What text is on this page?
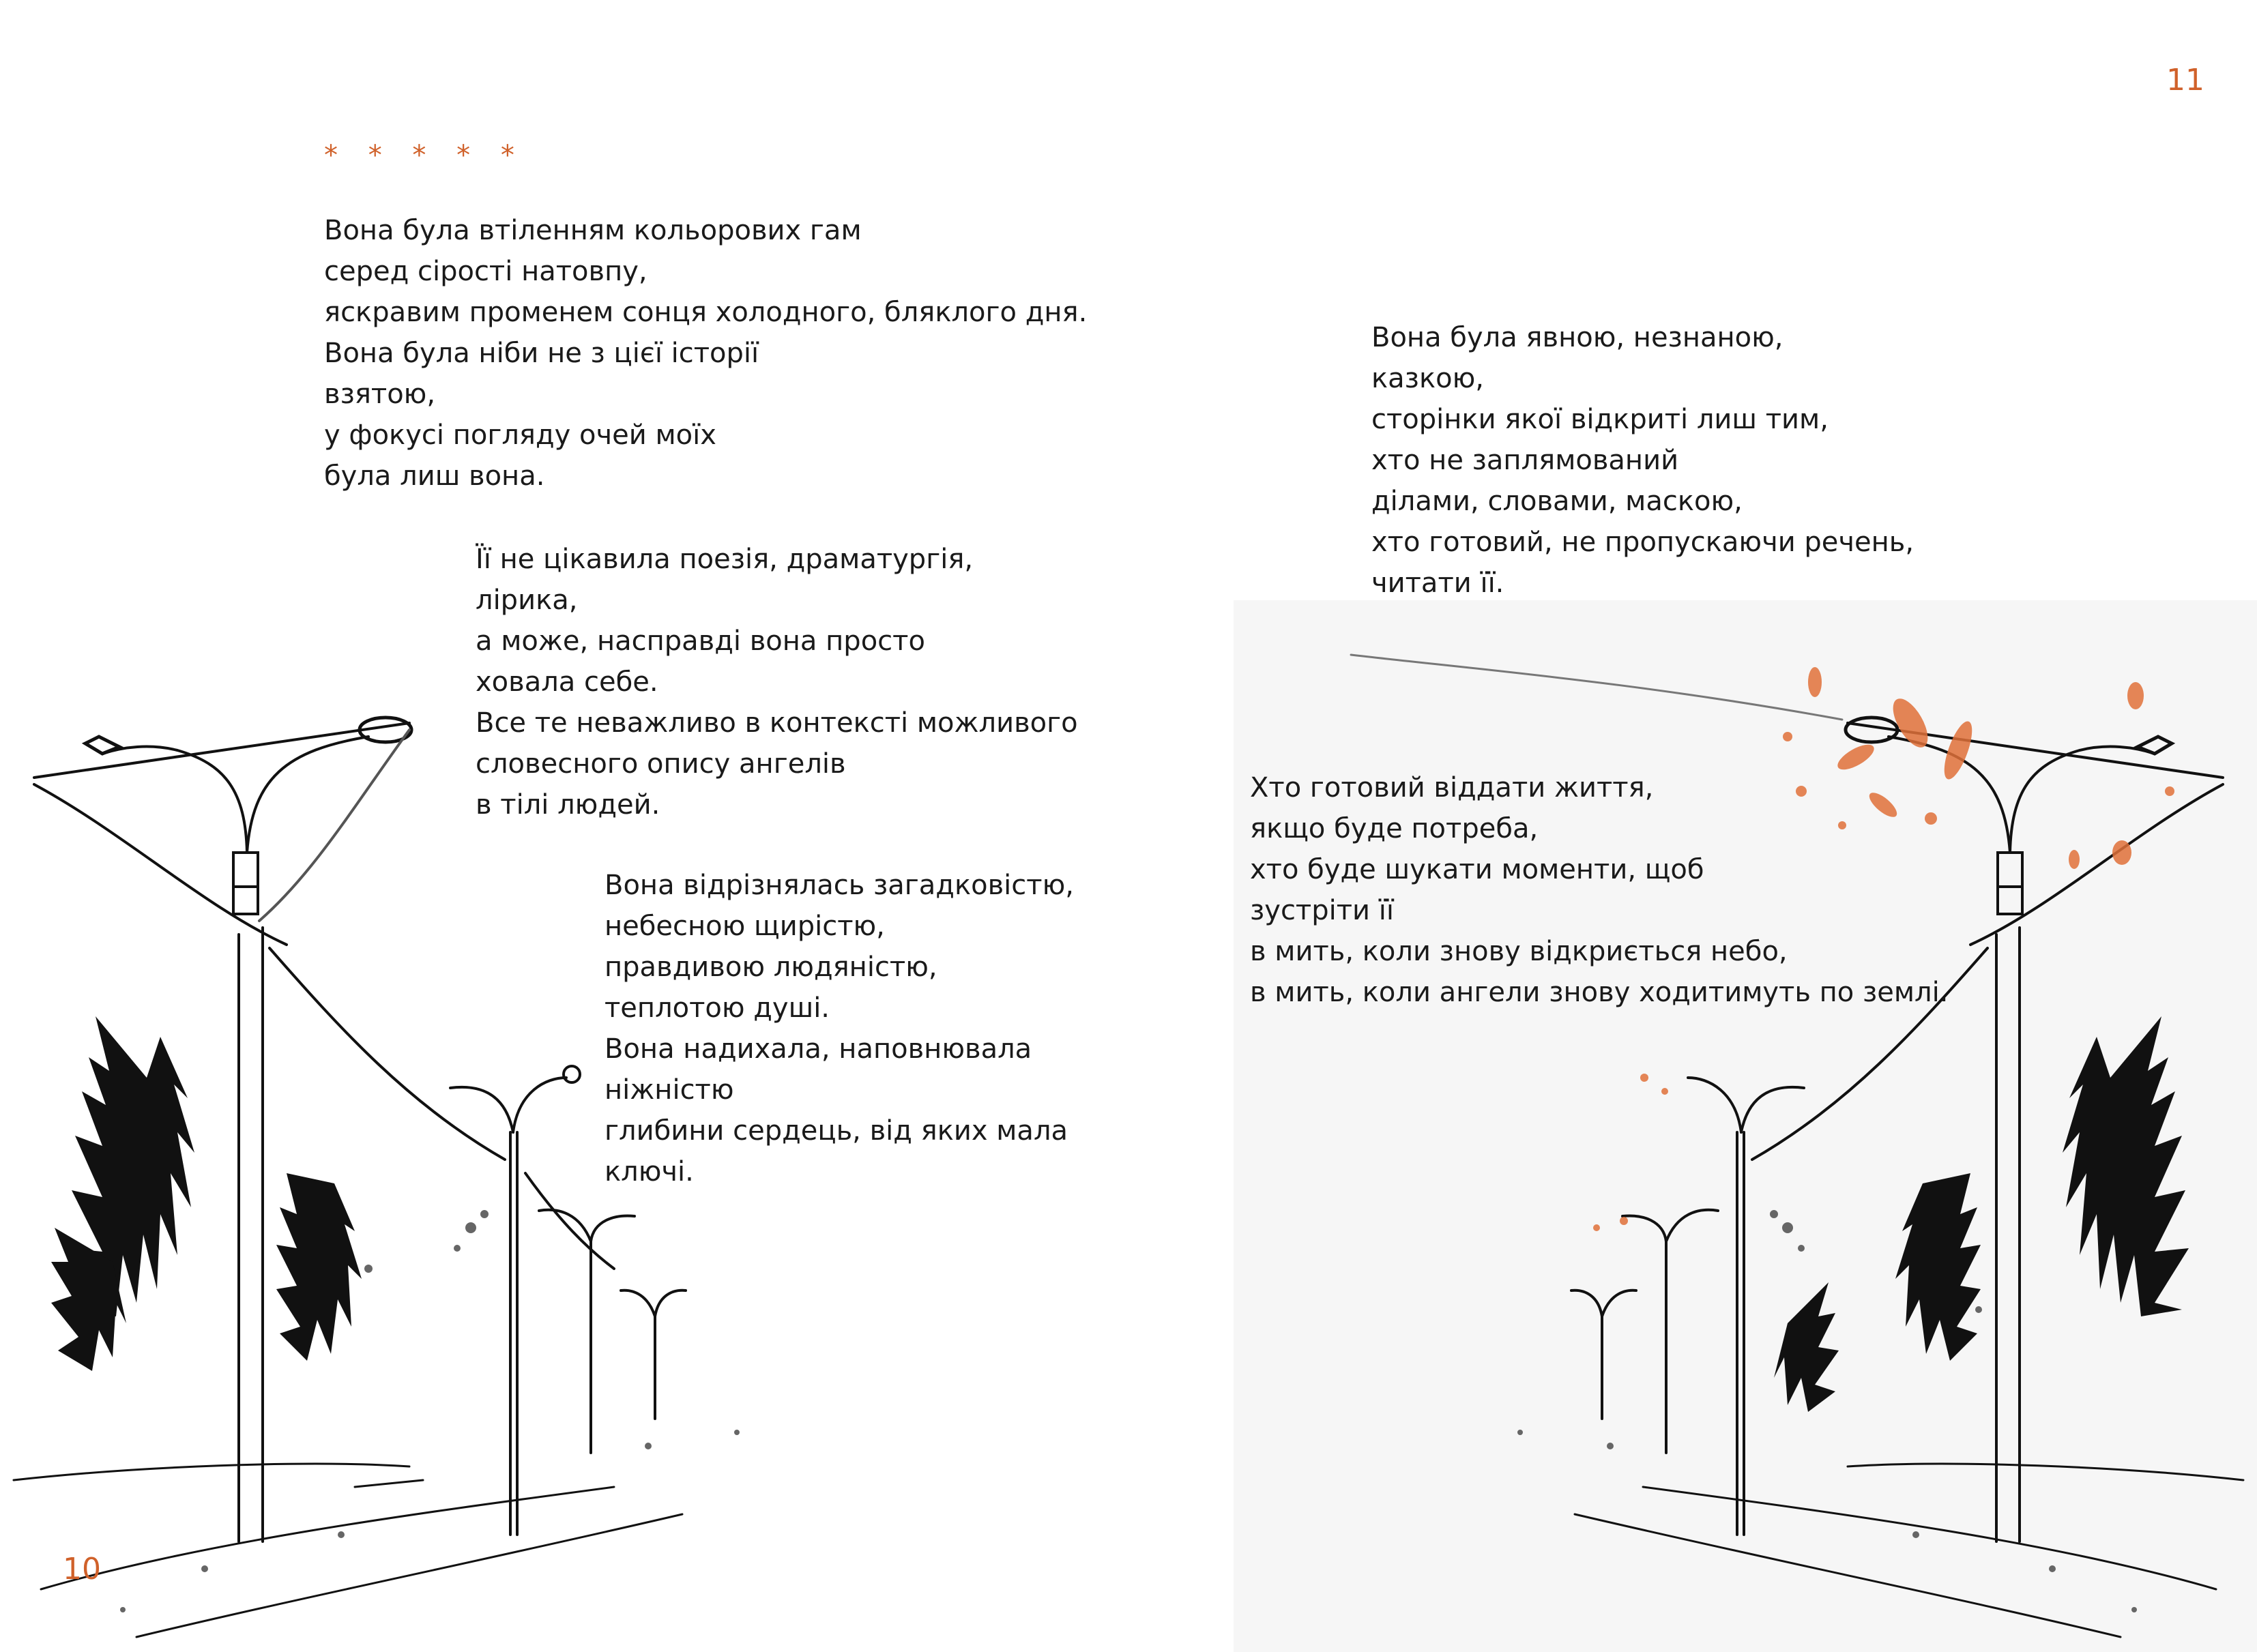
* * * * *
Вона була втіленням кольорових гам
серед сірості натовпу,
яскравим променем сонця холодного, бляклого дня.
Вона була ніби не з цієї історії
взятою,
у фокусі погляду очей моїх
була лиш вона.
Її не цікавила поезія, драматургія,
лірика,
а може, насправді вона просто
ховала себе.
Все те неважливо в контексті можливого
словесного опису ангелів
в тілі людей.
Вона відрізнялась загадковістю,
небесною щирістю,
правдивою людяністю,
теплотою душі.
Вона надихала, наповнювала
ніжністю
глибини сердець, від яких мала
ключі.
10
11
Вона була явною, незнаною,
казкою,
сторінки якої відкриті лиш тим,
хто не заплямований
ділами, словами, маскою,
хто готовий, не пропускаючи речень,
читати її.
Хто готовий віддати життя,
якщо буде потреба,
хто буде шукати моменти, щоб
зустріти її
в мить, коли знову відкриється небо,
в мить, коли ангели знову ходитимуть по землі.
